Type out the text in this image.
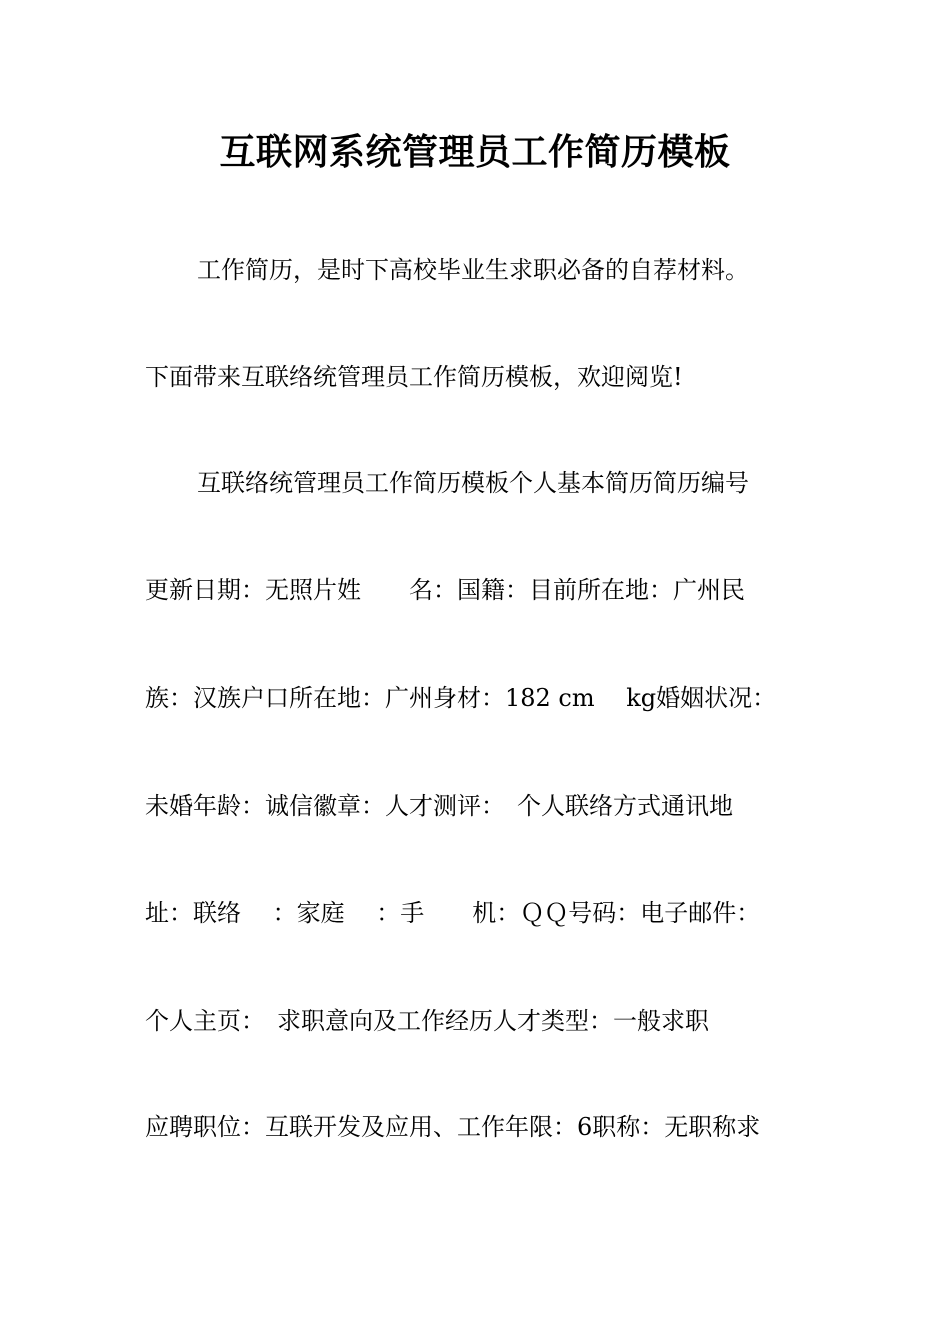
互联网系统管理员工作简历模板
工作简历，是时下高校毕业生求职必备的自荐材料。
下面带来互联络统管理员工作简历模板，欢迎阅览!
互联络统管理员工作简历模板个人基本简历简历编号
更新日期：无照片姓　　名：国籍：目前所在地：广州民
族：汉族户口所在地：广州身材：182 cm　 kg婚姻状况：
未婚年龄：诚信徽章：人才测评：　个人联络方式通讯地
址：联络　 ：家庭　 ：手　　机：ＱＱ号码：电子邮件：
个人主页：　求职意向及工作经历人才类型：一般求职
应聘职位：互联开发及应用、工作年限：6职称：无职称求
